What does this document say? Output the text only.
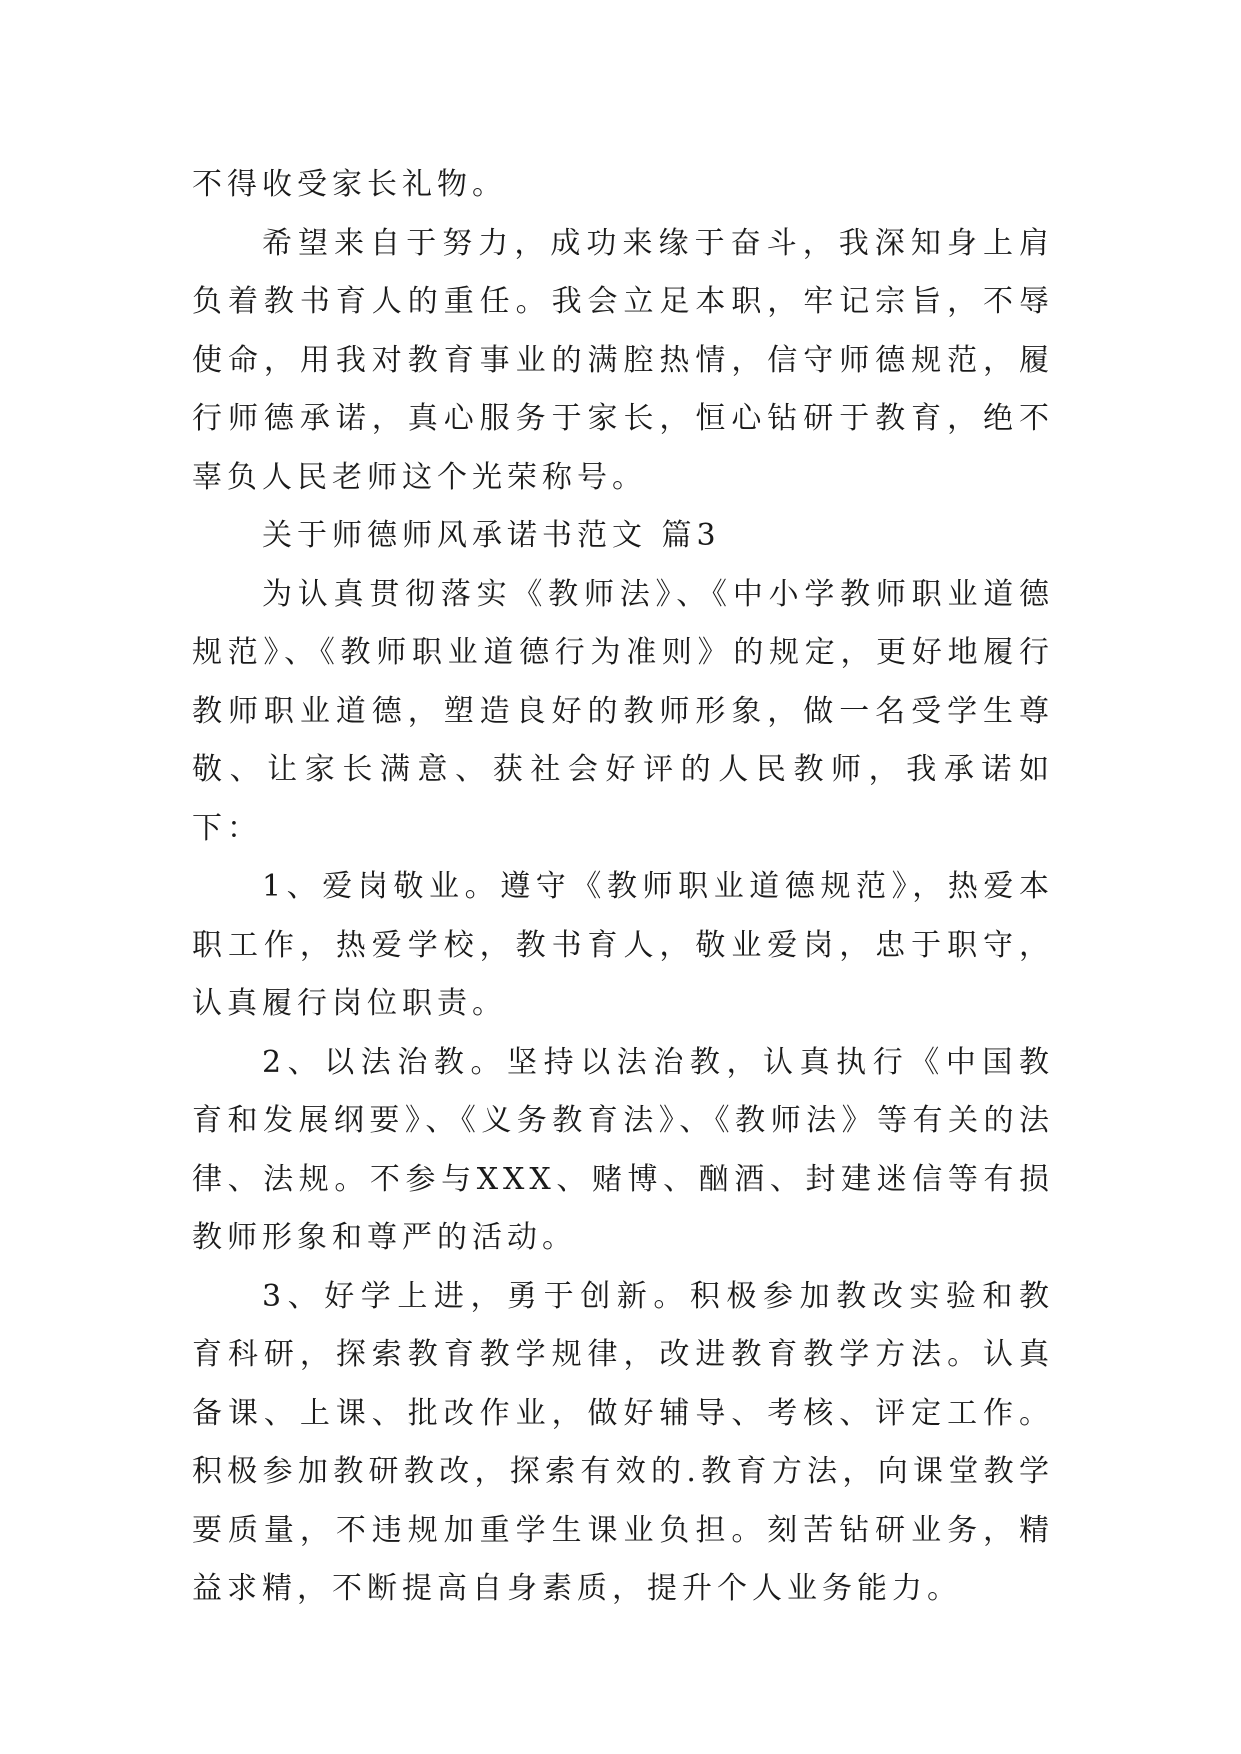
不得收受家长礼物。

希望来自于努力，成功来缘于奋斗，我深知身上肩负着教书育人的重任。我会立足本职，牢记宗旨，不辱使命，用我对教育事业的满腔热情，信守师德规范，履行师德承诺，真心服务于家长，恒心钻研于教育，绝不辜负人民老师这个光荣称号。

关于师德师风承诺书范文 篇3

为认真贯彻落实《教师法》、《中小学教师职业道德规范》、《教师职业道德行为准则》的规定，更好地履行教师职业道德，塑造良好的教师形象，做一名受学生尊敬、让家长满意、获社会好评的人民教师，我承诺如下：

1、爱岗敬业。遵守《教师职业道德规范》，热爱本职工作，热爱学校，教书育人，敬业爱岗，忠于职守，认真履行岗位职责。

2、以法治教。坚持以法治教，认真执行《中国教育和发展纲要》、《义务教育法》、《教师法》等有关的法律、法规。不参与XXX、赌博、酗酒、封建迷信等有损教师形象和尊严的活动。

3、好学上进，勇于创新。积极参加教改实验和教育科研，探索教育教学规律，改进教育教学方法。认真备课、上课、批改作业，做好辅导、考核、评定工作。积极参加教研教改，探索有效的.教育方法，向课堂教学要质量，不违规加重学生课业负担。刻苦钻研业务，精益求精，不断提高自身素质，提升个人业务能力。
